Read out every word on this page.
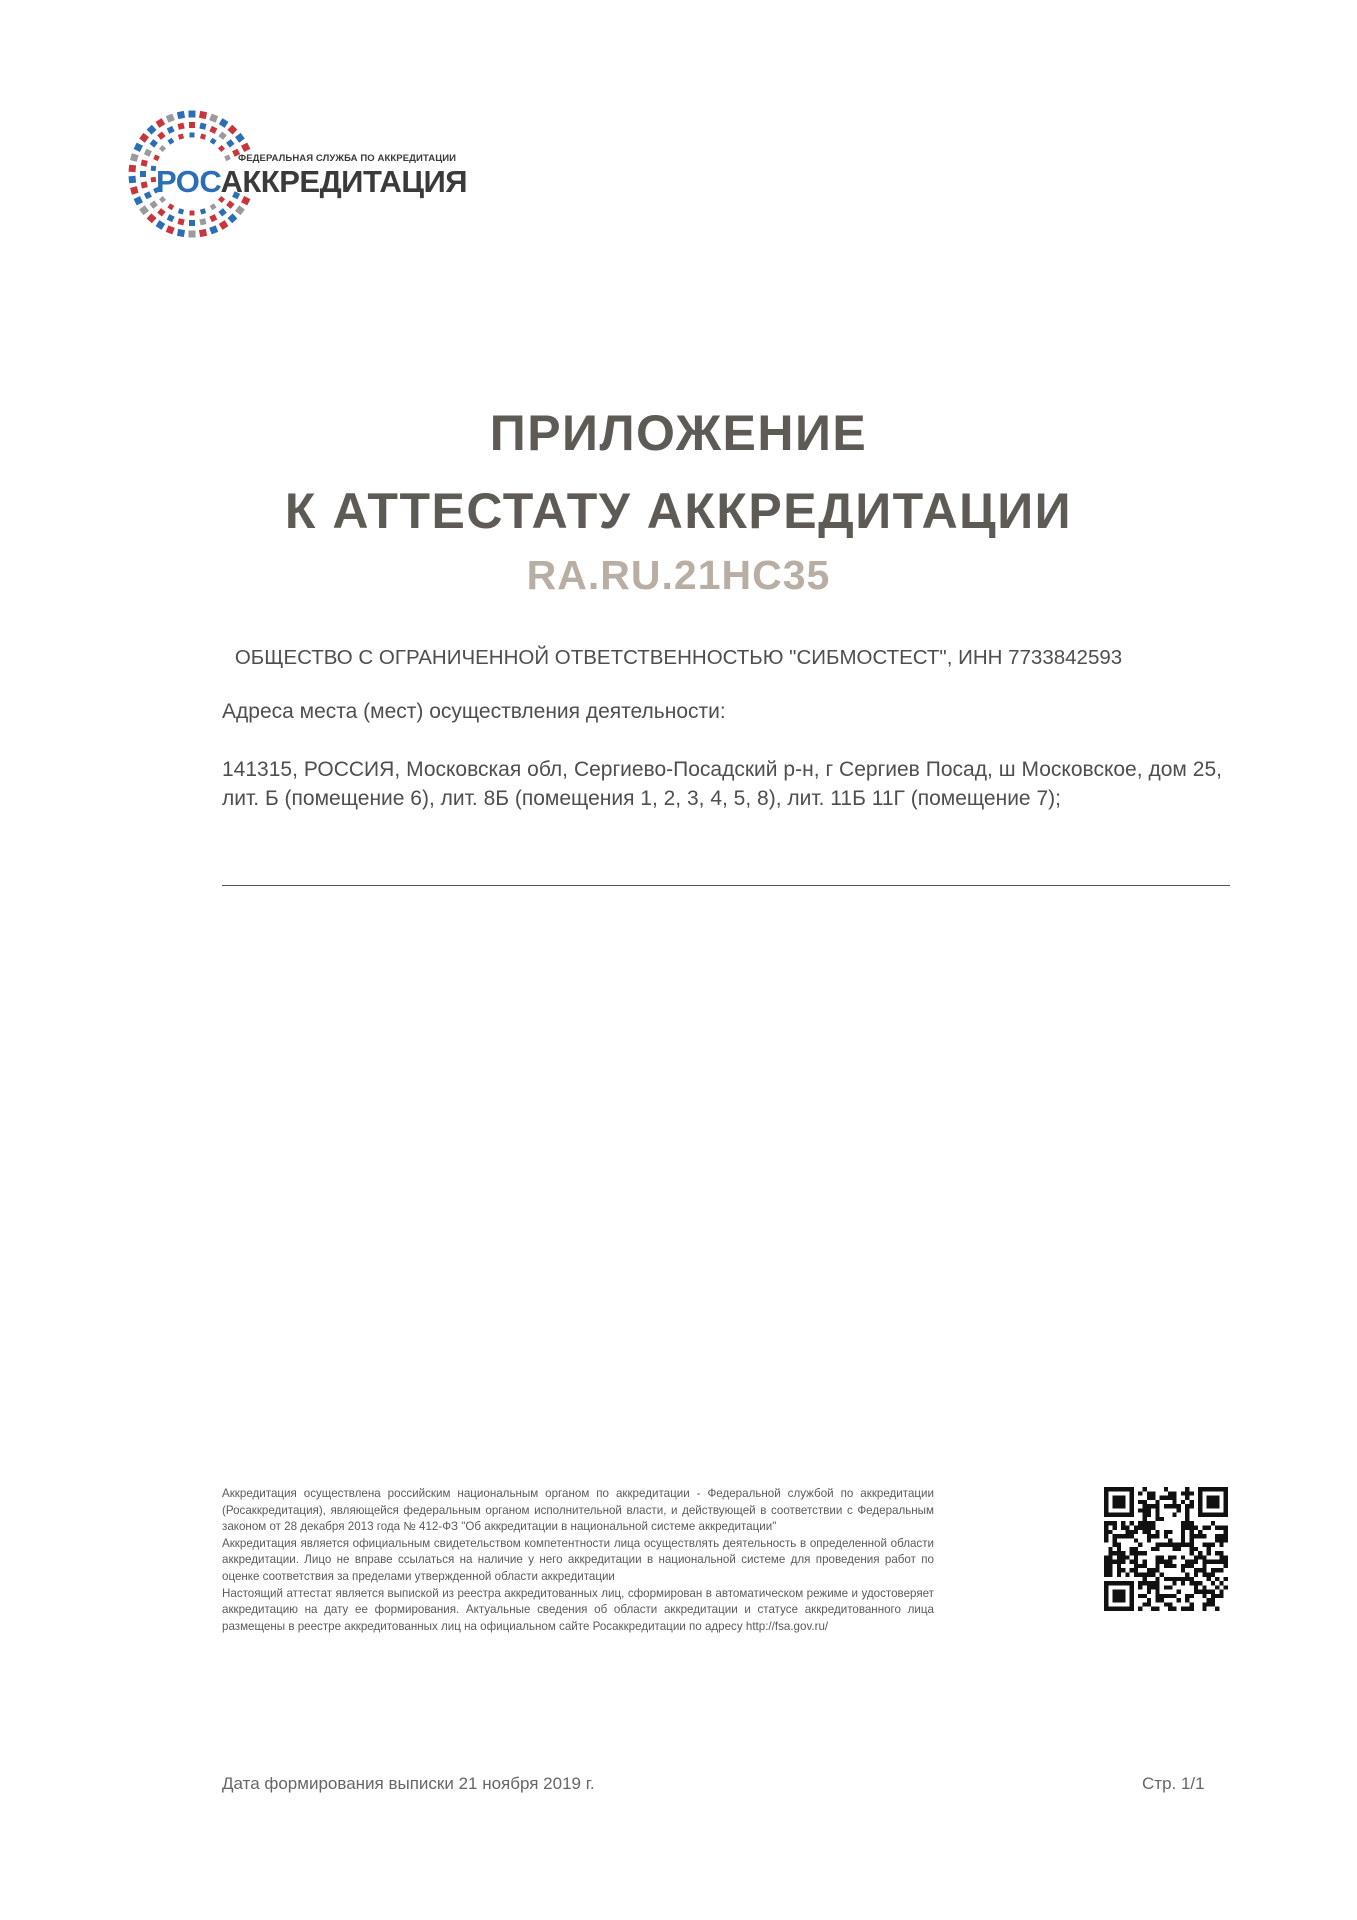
ФЕДЕРАЛЬНАЯ СЛУЖБА ПО АККРЕДИТАЦИИ
РОСАККРЕДИТАЦИЯ
ПРИЛОЖЕНИЕ
К АТТЕСТАТУ АККРЕДИТАЦИИ
RA.RU.21НС35
ОБЩЕСТВО С ОГРАНИЧЕННОЙ ОТВЕТСТВЕННОСТЬЮ "СИБМОСТЕСТ", ИНН 7733842593
Адреса места (мест) осуществления деятельности:
141315, РОССИЯ, Московская обл, Сергиево-Посадский р-н, г Сергиев Посад, ш Московское, дом 25, лит. Б (помещение 6), лит. 8Б (помещения 1, 2, 3, 4, 5, 8), лит. 11Б 11Г (помещение 7);

Аккредитация осуществлена российским национальным органом по аккредитации - Федеральной службой по аккредитации (Росаккредитация), являющейся федеральным органом исполнительной власти, и действующей в соответствии с Федеральным законом от 28 декабря 2013 года № 412-ФЗ "Об аккредитации в национальной системе аккредитации"

Аккредитация является официальным свидетельством компетентности лица осуществлять деятельность в определенной области аккредитации. Лицо не вправе ссылаться на наличие у него аккредитации в национальной системе для проведения работ по оценке соответствия за пределами утвержденной области аккредитации

Настоящий аттестат является выпиской из реестра аккредитованных лиц, сформирован в автоматическом режиме и удостоверяет аккредитацию на дату ее формирования. Актуальные сведения об области аккредитации и статусе аккредитованного лица размещены в реестре аккредитованных лиц на официальном сайте Росаккредитации по адресу http://fsa.gov.ru/

Дата формирования выписки 21 ноября 2019 г.	Стр. 1/1
